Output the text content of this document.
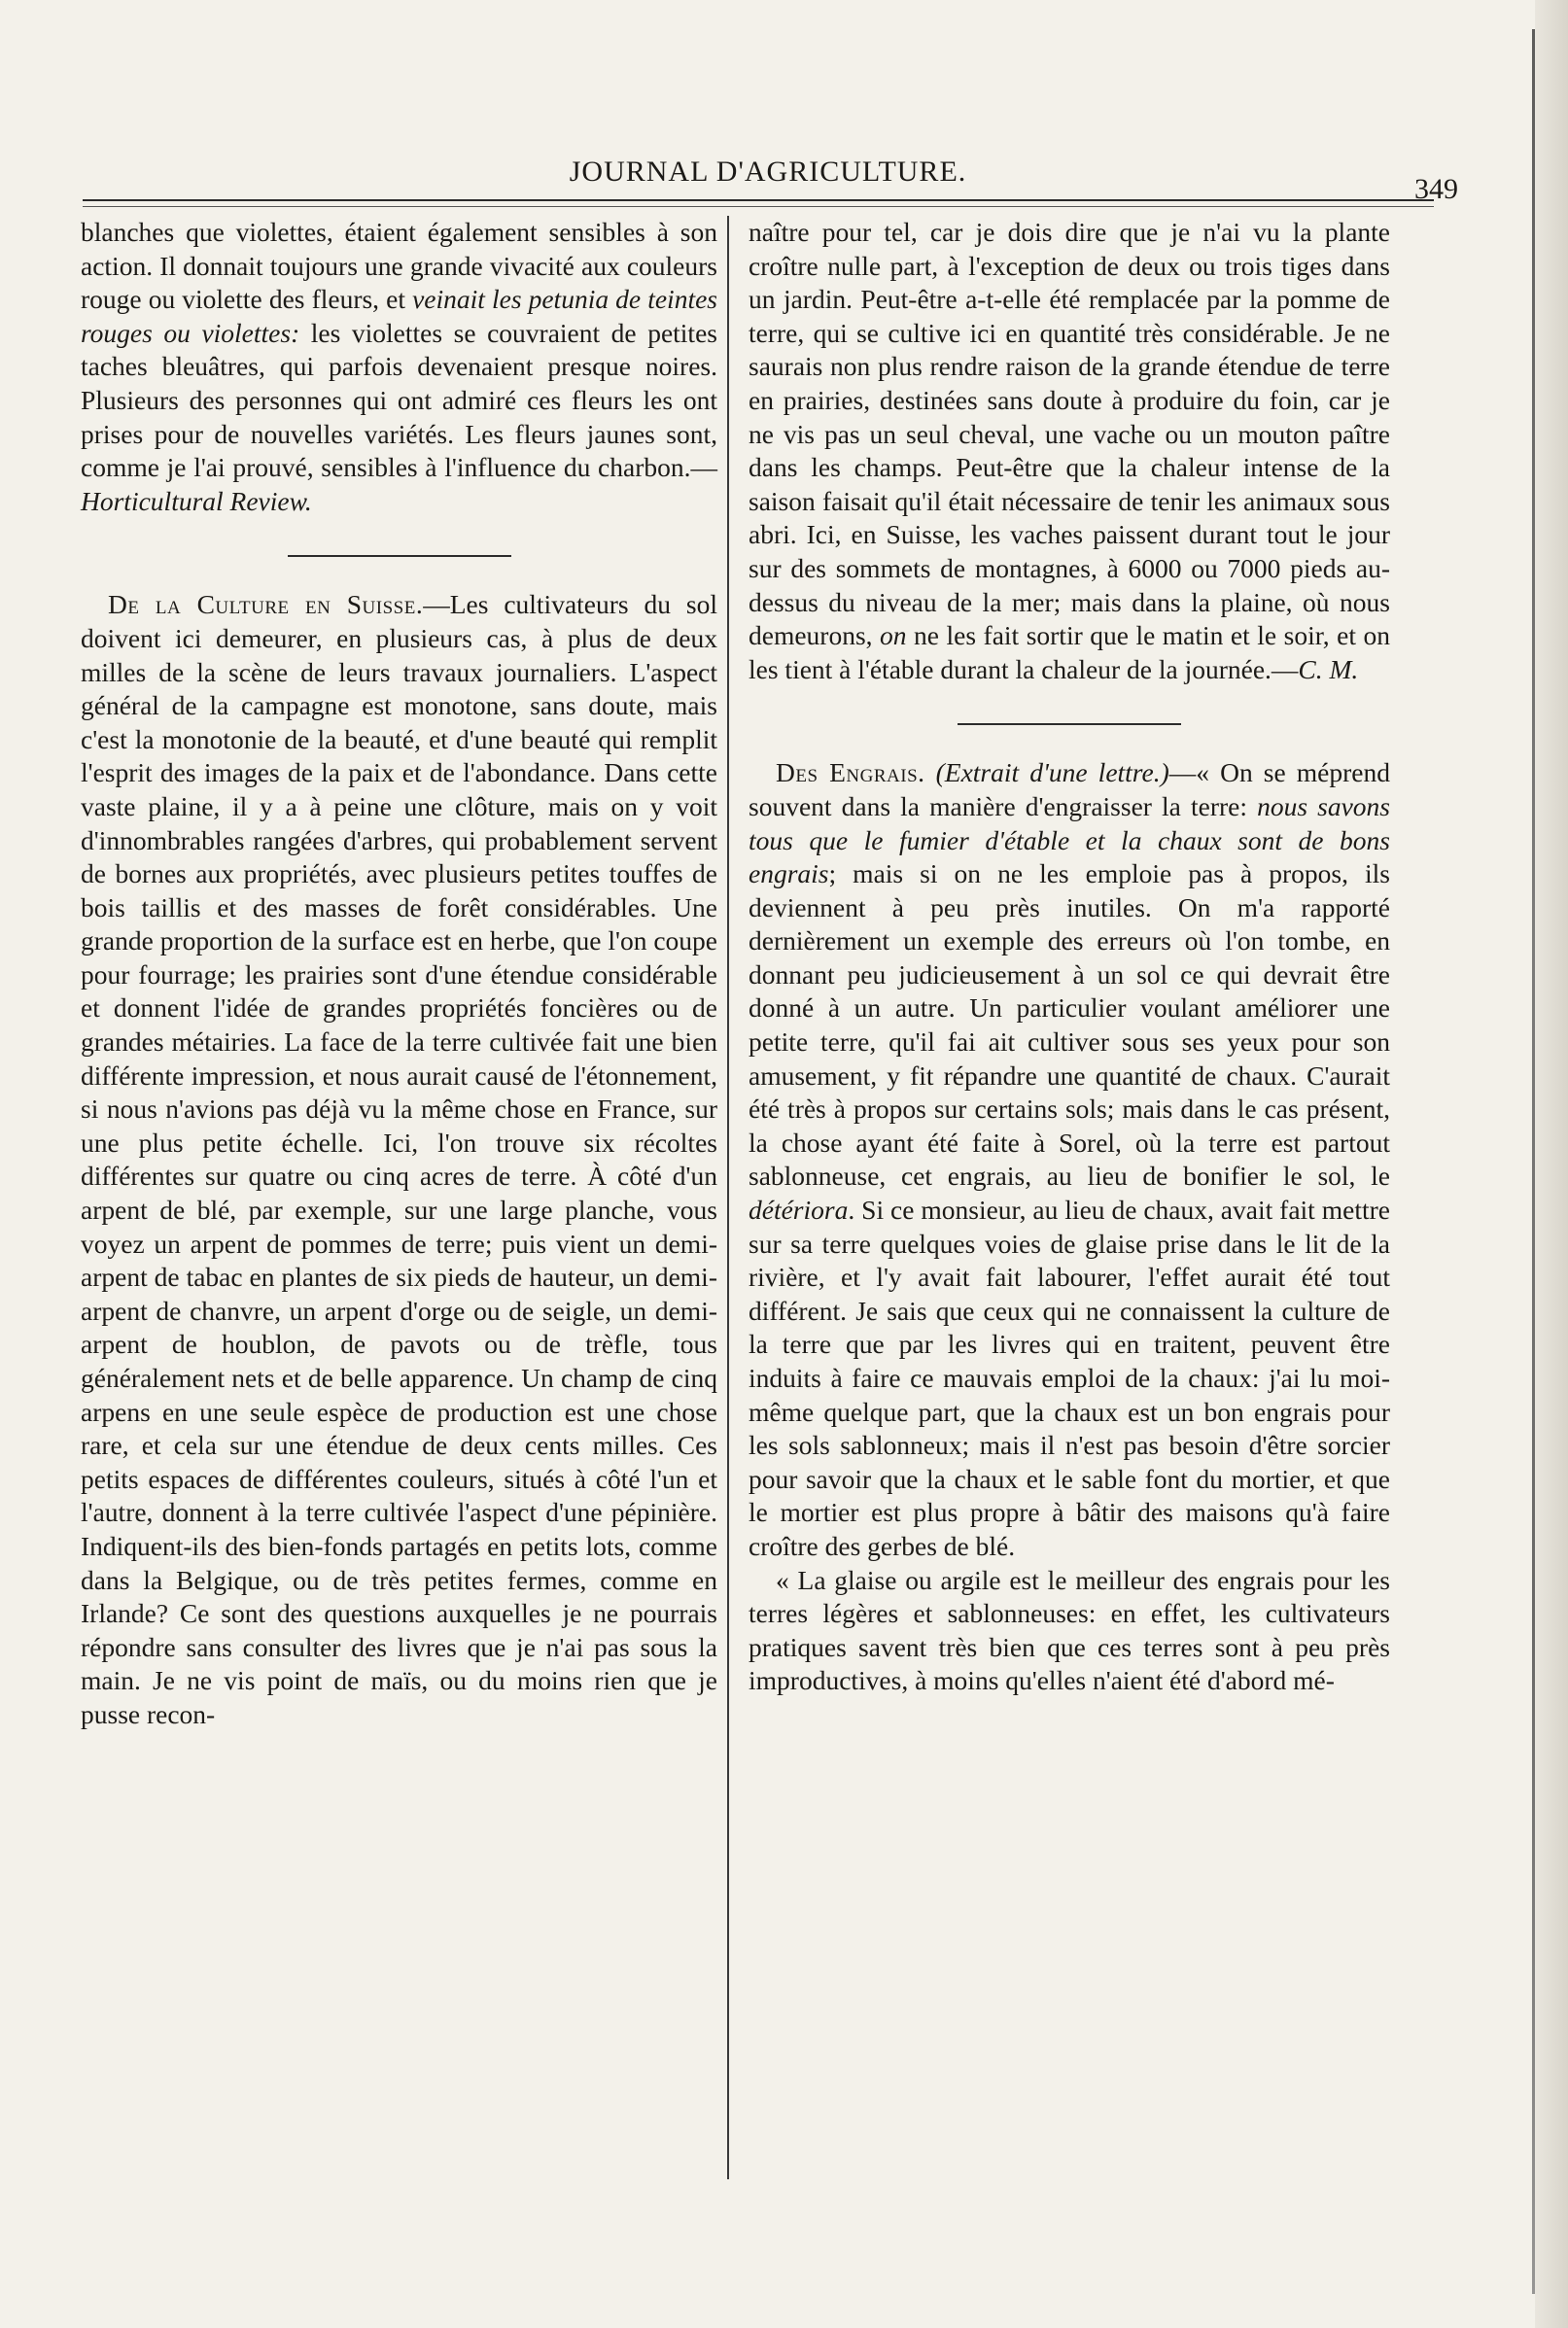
JOURNAL D'AGRICULTURE.
349

blanches que violettes, étaient également sensibles à son action. Il donnait toujours une grande vivacité aux couleurs rouge ou violette des fleurs, et veinait les petunia de teintes rouges ou violettes: les violettes se couvraient de petites taches bleuâtres, qui parfois devenaient presque noires. Plusieurs des personnes qui ont admiré ces fleurs les ont prises pour de nouvelles variétés. Les fleurs jaunes sont, comme je l'ai prouvé, sensibles à l'influence du charbon.—Horticultural Review.

De la Culture en Suisse.—Les cultivateurs du sol doivent ici demeurer, en plusieurs cas, à plus de deux milles de la scène de leurs travaux journaliers. L'aspect général de la campagne est monotone, sans doute, mais c'est la monotonie de la beauté, et d'une beauté qui remplit l'esprit des images de la paix et de l'abondance. Dans cette vaste plaine, il y a à peine une clôture, mais on y voit d'innombrables rangées d'arbres, qui probablement servent de bornes aux propriétés, avec plusieurs petites touffes de bois taillis et des masses de forêt considérables. Une grande proportion de la surface est en herbe, que l'on coupe pour fourrage; les prairies sont d'une étendue considérable et donnent l'idée de grandes propriétés foncières ou de grandes métairies. La face de la terre cultivée fait une bien différente impression, et nous aurait causé de l'étonnement, si nous n'avions pas déjà vu la même chose en France, sur une plus petite échelle. Ici, l'on trouve six récoltes différentes sur quatre ou cinq acres de terre. À côté d'un arpent de blé, par exemple, sur une large planche, vous voyez un arpent de pommes de terre; puis vient un demi-arpent de tabac en plantes de six pieds de hauteur, un demi-arpent de chanvre, un arpent d'orge ou de seigle, un demi-arpent de houblon, de pavots ou de trèfle, tous généralement nets et de belle apparence. Un champ de cinq arpens en une seule espèce de production est une chose rare, et cela sur une étendue de deux cents milles. Ces petits espaces de différentes couleurs, situés à côté l'un et l'autre, donnent à la terre cultivée l'aspect d'une pépinière. Indiquent-ils des bien-fonds partagés en petits lots, comme dans la Belgique, ou de très petites fermes, comme en Irlande? Ce sont des questions auxquelles je ne pourrais répondre sans consulter des livres que je n'ai pas sous la main. Je ne vis point de maïs, ou du moins rien que je pusse recon-

naître pour tel, car je dois dire que je n'ai vu la plante croître nulle part, à l'exception de deux ou trois tiges dans un jardin. Peut-être a-t-elle été remplacée par la pomme de terre, qui se cultive ici en quantité très considérable. Je ne saurais non plus rendre raison de la grande étendue de terre en prairies, destinées sans doute à produire du foin, car je ne vis pas un seul cheval, une vache ou un mouton paître dans les champs. Peut-être que la chaleur intense de la saison faisait qu'il était nécessaire de tenir les animaux sous abri. Ici, en Suisse, les vaches paissent durant tout le jour sur des sommets de montagnes, à 6000 ou 7000 pieds au-dessus du niveau de la mer; mais dans la plaine, où nous demeurons, on ne les fait sortir que le matin et le soir, et on les tient à l'étable durant la chaleur de la journée.—C. M.

Des Engrais. (Extrait d'une lettre.)—« On se méprend souvent dans la manière d'engraisser la terre: nous savons tous que le fumier d'étable et la chaux sont de bons engrais; mais si on ne les emploie pas à propos, ils deviennent à peu près inutiles. On m'a rapporté dernièrement un exemple des erreurs où l'on tombe, en donnant peu judicieusement à un sol ce qui devrait être donné à un autre. Un particulier voulant améliorer une petite terre, qu'il fai ait cultiver sous ses yeux pour son amusement, y fit répandre une quantité de chaux. C'aurait été très à propos sur certains sols; mais dans le cas présent, la chose ayant été faite à Sorel, où la terre est partout sablonneuse, cet engrais, au lieu de bonifier le sol, le détériora. Si ce monsieur, au lieu de chaux, avait fait mettre sur sa terre quelques voies de glaise prise dans le lit de la rivière, et l'y avait fait labourer, l'effet aurait été tout différent. Je sais que ceux qui ne connaissent la culture de la terre que par les livres qui en traitent, peuvent être induits à faire ce mauvais emploi de la chaux: j'ai lu moi-même quelque part, que la chaux est un bon engrais pour les sols sablonneux; mais il n'est pas besoin d'être sorcier pour savoir que la chaux et le sable font du mortier, et que le mortier est plus propre à bâtir des maisons qu'à faire croître des gerbes de blé.

« La glaise ou argile est le meilleur des engrais pour les terres légères et sablonneuses: en effet, les cultivateurs pratiques savent très bien que ces terres sont à peu près improductives, à moins qu'elles n'aient été d'abord mé-
